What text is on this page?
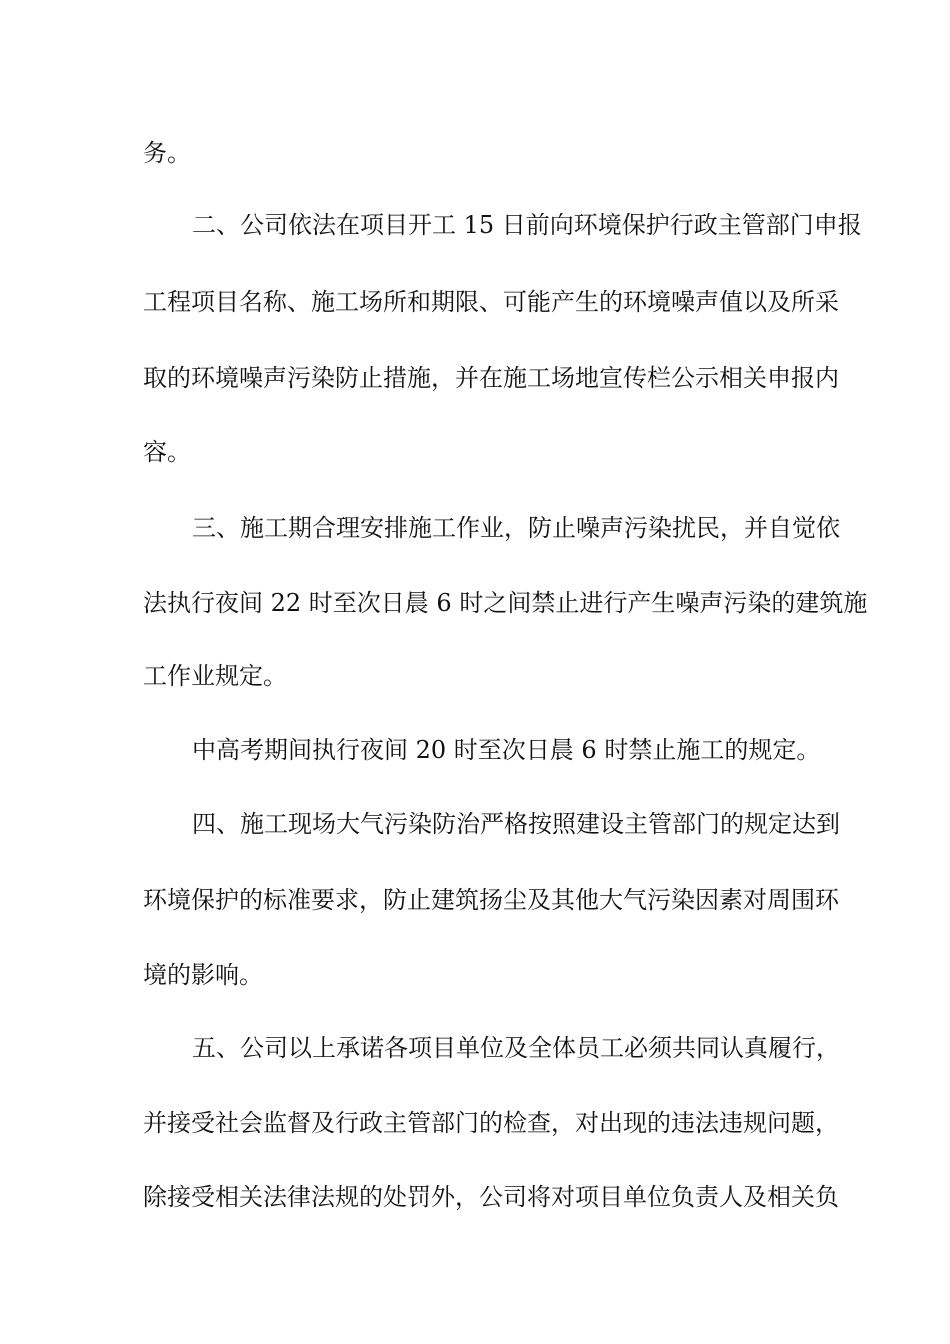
务。
二、公司依法在项目开工 15 日前向环境保护行政主管部门申报
工程项目名称、施工场所和期限、可能产生的环境噪声值以及所采
取的环境噪声污染防止措施，并在施工场地宣传栏公示相关申报内
容。
三、施工期合理安排施工作业，防止噪声污染扰民，并自觉依
法执行夜间 22 时至次日晨 6 时之间禁止进行产生噪声污染的建筑施
工作业规定。
中高考期间执行夜间 20 时至次日晨 6 时禁止施工的规定。
四、施工现场大气污染防治严格按照建设主管部门的规定达到
环境保护的标准要求，防止建筑扬尘及其他大气污染因素对周围环
境的影响。
五、公司以上承诺各项目单位及全体员工必须共同认真履行，
并接受社会监督及行政主管部门的检查，对出现的违法违规问题，
除接受相关法律法规的处罚外，公司将对项目单位负责人及相关负
